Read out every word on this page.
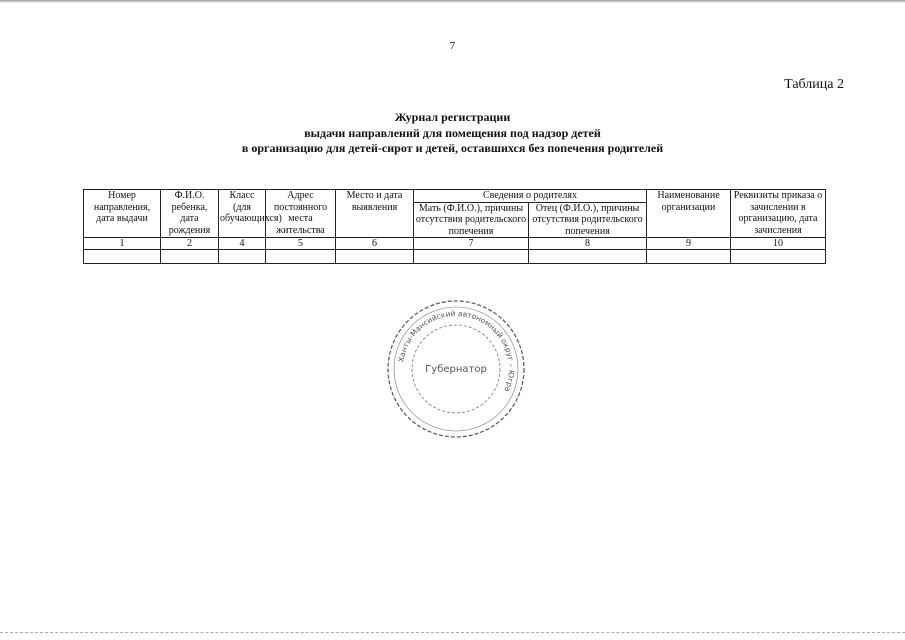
7
Таблица 2
Журнал регистрации
выдачи направлений для помещения под надзор детей
в организацию для детей-сирот и детей, оставшихся без попечения родителей
Номер направления, дата выдачи	Ф.И.О. ребенка, дата рождения	Класс (для обучающихся)	Адрес постоянного места жительства	Место и дата выявления	Сведения о родителях		Наименование организации	Реквизиты приказа о зачислении в организацию, дата зачисления
					Мать (Ф.И.О.), причины отсутствия родительского попечения	Отец (Ф.И.О.), причины отсутствия родительского попечения		
1	2	4	5	6	7	8	9	10

Ханты-Мансийский автономный округ – Югра
Губернатор
